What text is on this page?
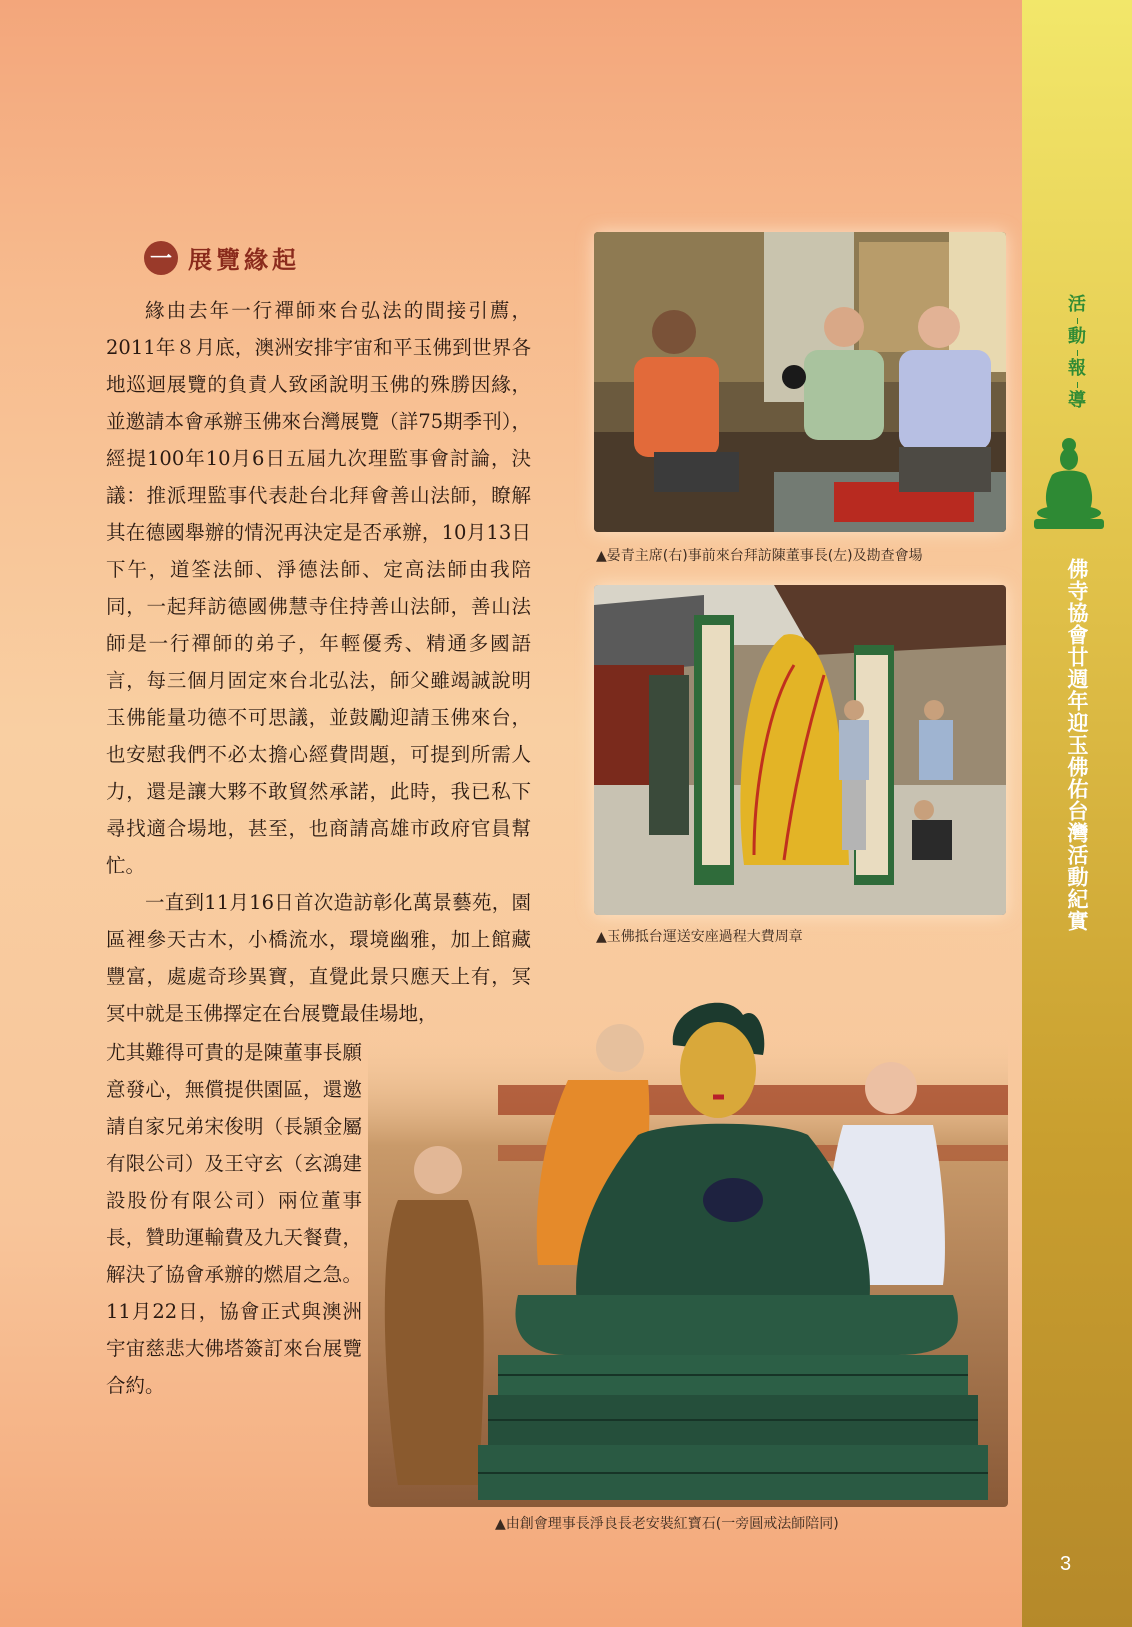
一 展覽緣起

緣由去年一行禪師來台弘法的間接引薦，2011年８月底，澳洲安排宇宙和平玉佛到世界各地巡迴展覽的負責人致函說明玉佛的殊勝因緣，並邀請本會承辦玉佛來台灣展覽（詳75期季刊），經提100年10月6日五屆九次理監事會討論，決議：推派理監事代表赴台北拜會善山法師，瞭解其在德國舉辦的情況再決定是否承辦，10月13日下午，道筌法師、淨德法師、定高法師由我陪同，一起拜訪德國佛慧寺住持善山法師，善山法師是一行禪師的弟子，年輕優秀、精通多國語言，每三個月固定來台北弘法，師父雖竭誠說明玉佛能量功德不可思議，並鼓勵迎請玉佛來台，也安慰我們不必太擔心經費問題，可提到所需人力，還是讓大夥不敢貿然承諾，此時，我已私下尋找適合場地，甚至，也商請高雄市政府官員幫忙。

一直到11月16日首次造訪彰化萬景藝苑，園區裡參天古木，小橋流水，環境幽雅，加上館藏豐富，處處奇珍異寶，直覺此景只應天上有，冥冥中就是玉佛擇定在台展覽最佳場地，

尤其難得可貴的是陳董事長願意發心，無償提供園區，還邀請自家兄弟宋俊明（長頴金屬有限公司）及王守玄（玄鴻建設股份有限公司）兩位董事長，贊助運輸費及九天餐費，解決了協會承辦的燃眉之急。11月22日，協會正式與澳洲宇宙慈悲大佛塔簽訂來台展覽合約。

▲晏青主席(右)事前來台拜訪陳董事長(左)及勘查會場
▲玉佛抵台運送安座過程大費周章
▲由創會理事長淨良長老安裝紅寶石(一旁圓戒法師陪同)
活
動
報
導
佛寺協會廿週年迎玉佛佑台灣活動紀實
3
